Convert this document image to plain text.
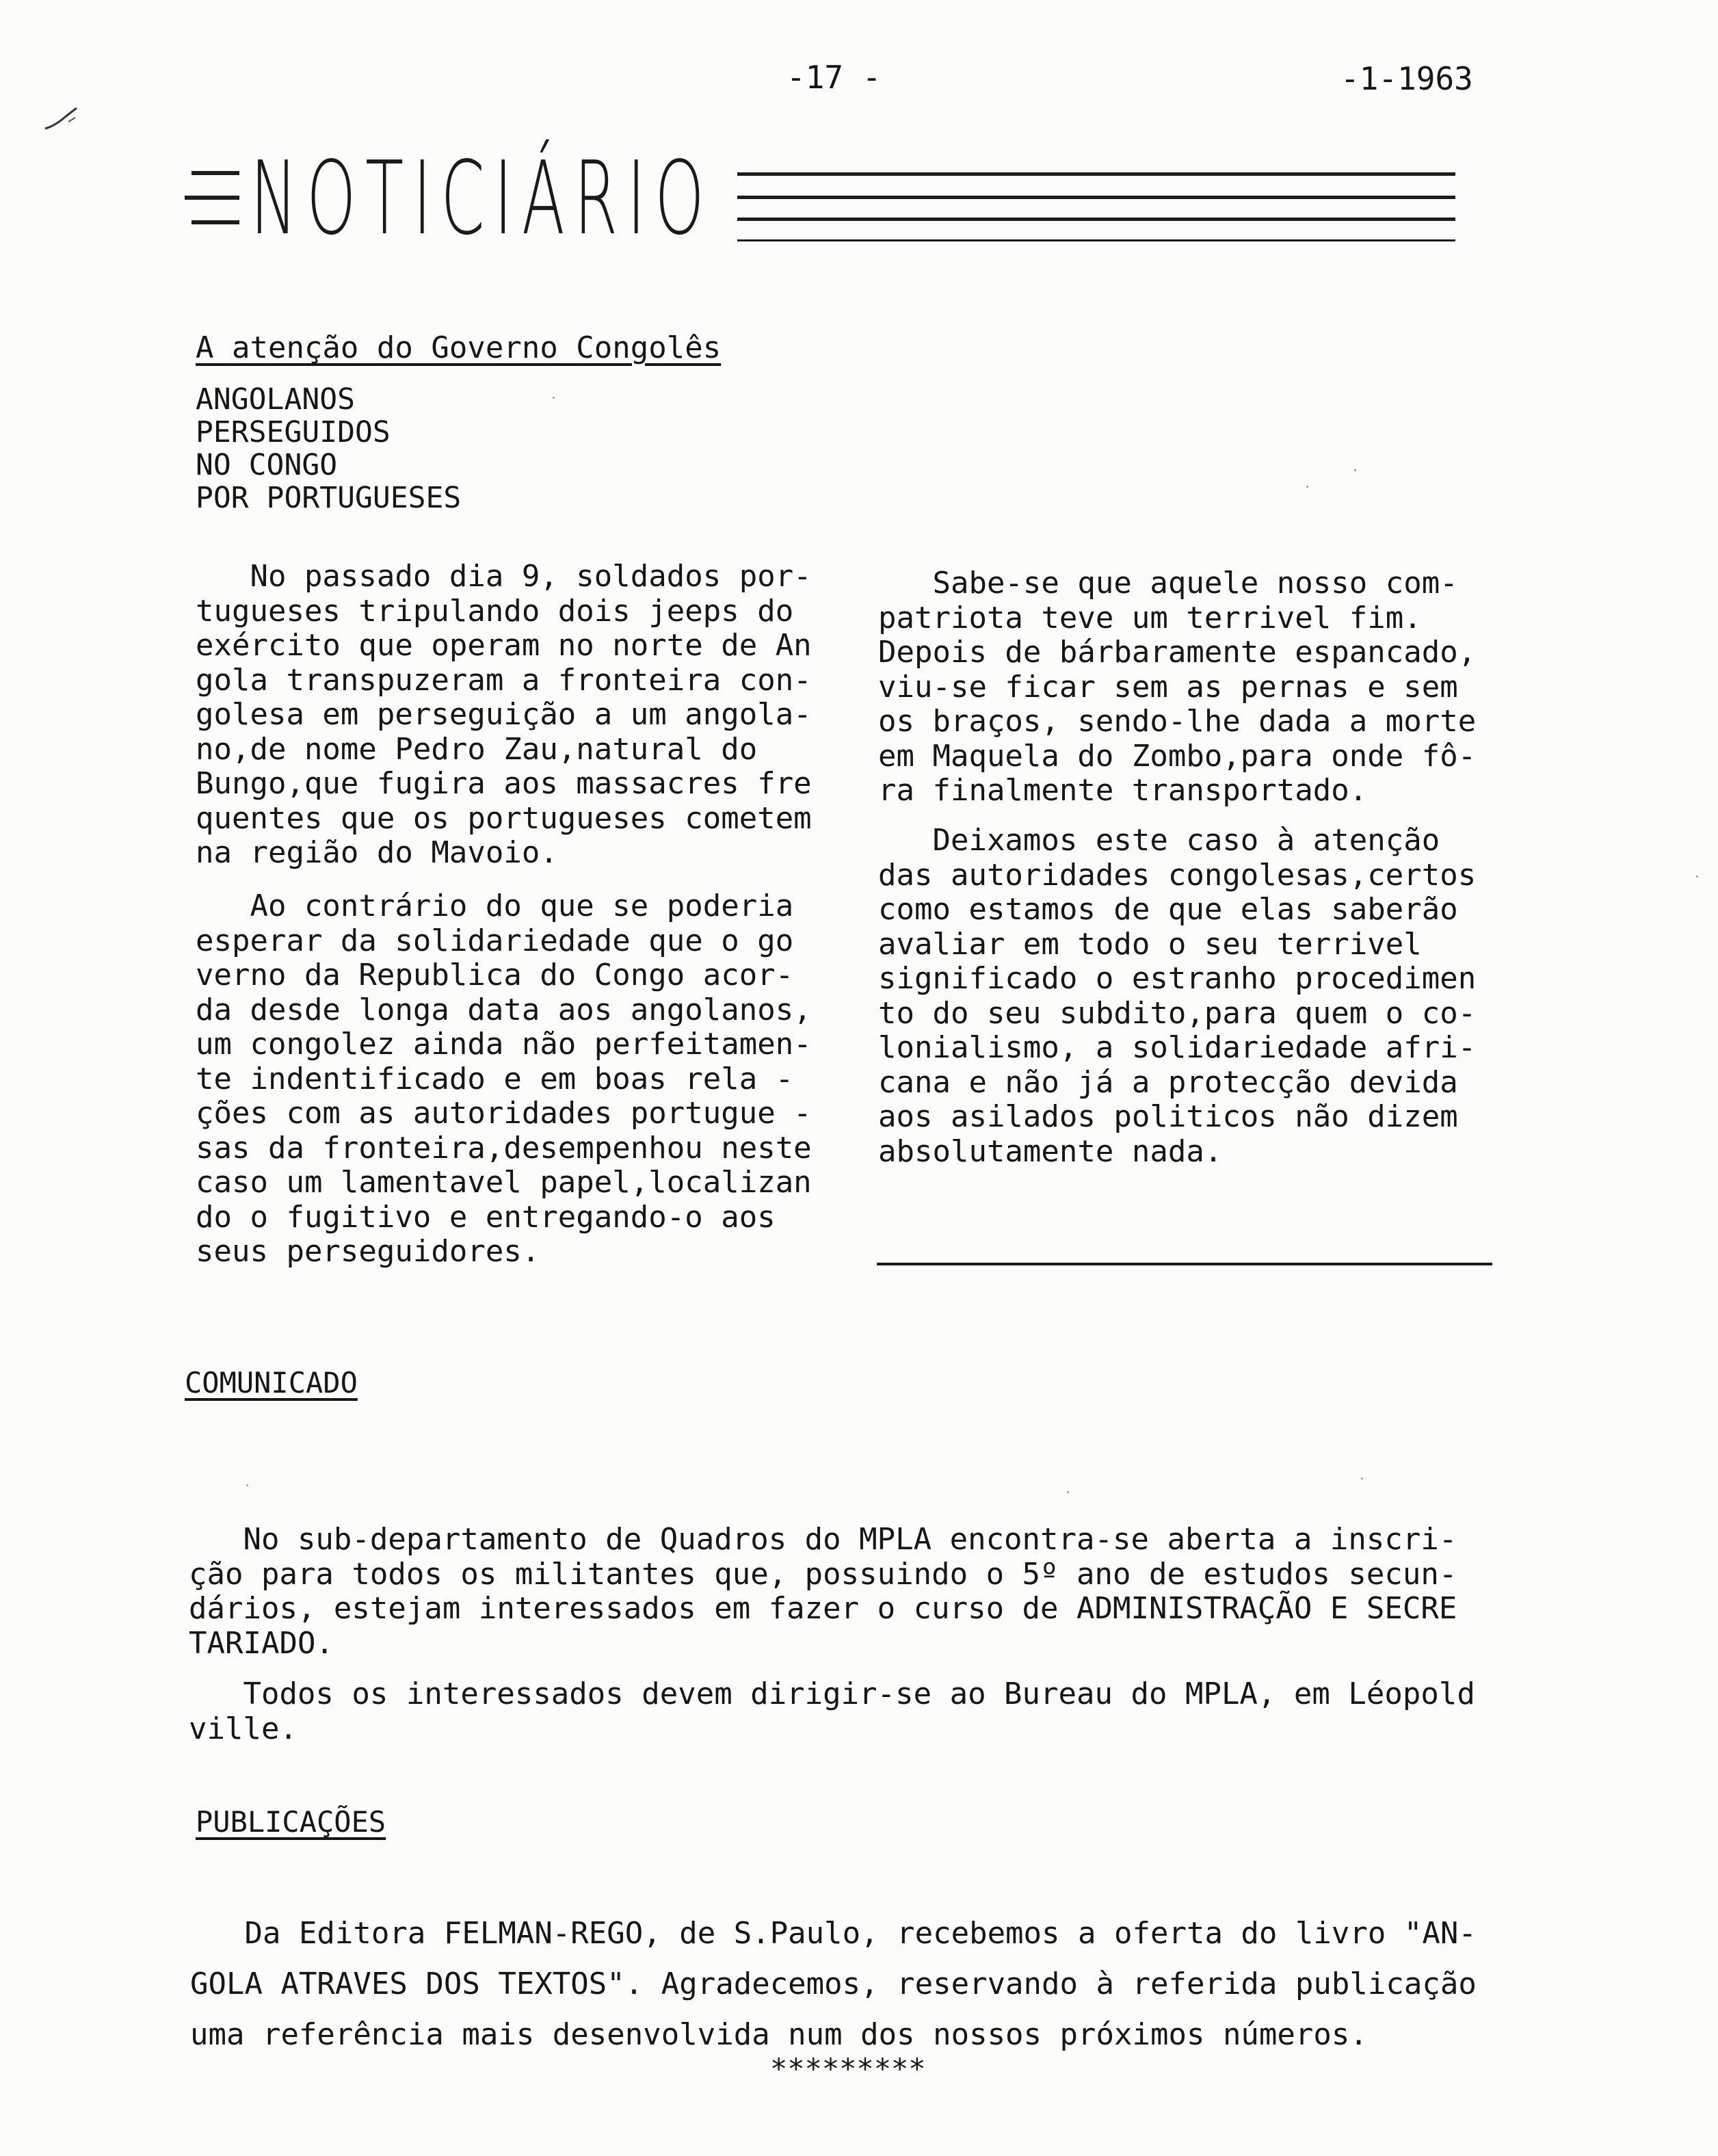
-17 -	-1-1963
NOTICIÁRIO
A atenção do Governo Congolês
ANGOLANOS
PERSEGUIDOS
NO CONGO
POR PORTUGUESES
No passado dia 9, soldados por-
tugueses tripulando dois jeeps do
exército que operam no norte de An
gola transpuzeram a fronteira con-
golesa em perseguição a um angola-
no,de nome Pedro Zau,natural do
Bungo,que fugira aos massacres fre
quentes que os portugueses cometem
na região do Mavoio.
Ao contrário do que se poderia
esperar da solidariedade que o go
verno da Republica do Congo acor-
da desde longa data aos angolanos,
um congolez ainda não perfeitamen-
te indentificado e em boas rela -
ções com as autoridades portugue -
sas da fronteira,desempenhou neste
caso um lamentavel papel,localizan
do o fugitivo e entregando-o aos
seus perseguidores.
Sabe-se que aquele nosso com-
patriota teve um terrivel fim.
Depois de bárbaramente espancado,
viu-se ficar sem as pernas e sem
os braços, sendo-lhe dada a morte
em Maquela do Zombo,para onde fô-
ra finalmente transportado.
Deixamos este caso à atenção
das autoridades congolesas,certos
como estamos de que elas saberão
avaliar em todo o seu terrivel
significado o estranho procedimen
to do seu subdito,para quem o co-
lonialismo, a solidariedade afri-
cana e não já a protecção devida
aos asilados politicos não dizem
absolutamente nada.
COMUNICADO
No sub-departamento de Quadros do MPLA encontra-se aberta a inscri-
ção para todos os militantes que, possuindo o 5º ano de estudos secun-
dários, estejam interessados em fazer o curso de ADMINISTRAÇÃO E SECRE
TARIADO.
Todos os interessados devem dirigir-se ao Bureau do MPLA, em Léopold
ville.
PUBLICAÇÕES
Da Editora FELMAN-REGO, de S.Paulo, recebemos a oferta do livro "AN-
GOLA ATRAVES DOS TEXTOS". Agradecemos, reservando à referida publicação
uma referência mais desenvolvida num dos nossos próximos números.
*********
